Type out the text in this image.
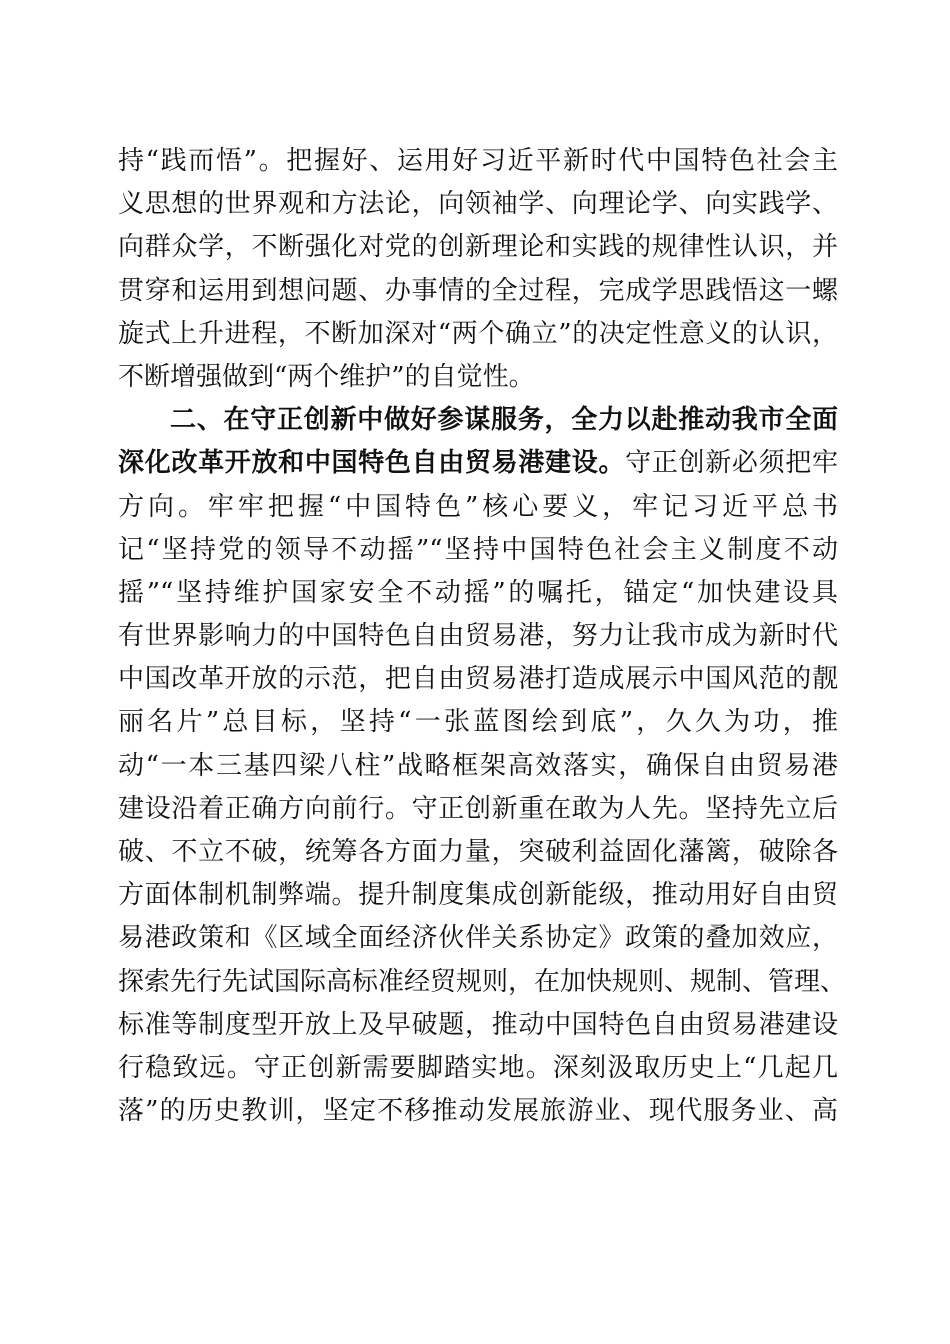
持“践而悟”。把握好、运用好习近平新时代中国特色社会主
义思想的世界观和方法论，向领袖学、向理论学、向实践学、
向群众学，不断强化对党的创新理论和实践的规律性认识，并
贯穿和运用到想问题、办事情的全过程，完成学思践悟这一螺
旋式上升进程，不断加深对“两个确立”的决定性意义的认识，
不断增强做到“两个维护”的自觉性。
二、在守正创新中做好参谋服务，全力以赴推动我市全面
深化改革开放和中国特色自由贸易港建设。守正创新必须把牢
方向。牢牢把握“中国特色”核心要义，牢记习近平总书
记“坚持党的领导不动摇”“坚持中国特色社会主义制度不动
摇”“坚持维护国家安全不动摇”的嘱托，锚定“加快建设具
有世界影响力的中国特色自由贸易港，努力让我市成为新时代
中国改革开放的示范，把自由贸易港打造成展示中国风范的靓
丽名片”总目标，坚持“一张蓝图绘到底”，久久为功，推
动“一本三基四梁八柱”战略框架高效落实，确保自由贸易港
建设沿着正确方向前行。守正创新重在敢为人先。坚持先立后
破、不立不破，统筹各方面力量，突破利益固化藩篱，破除各
方面体制机制弊端。提升制度集成创新能级，推动用好自由贸
易港政策和《区域全面经济伙伴关系协定》政策的叠加效应，
探索先行先试国际高标准经贸规则，在加快规则、规制、管理、
标准等制度型开放上及早破题，推动中国特色自由贸易港建设
行稳致远。守正创新需要脚踏实地。深刻汲取历史上“几起几
落”的历史教训，坚定不移推动发展旅游业、现代服务业、高
